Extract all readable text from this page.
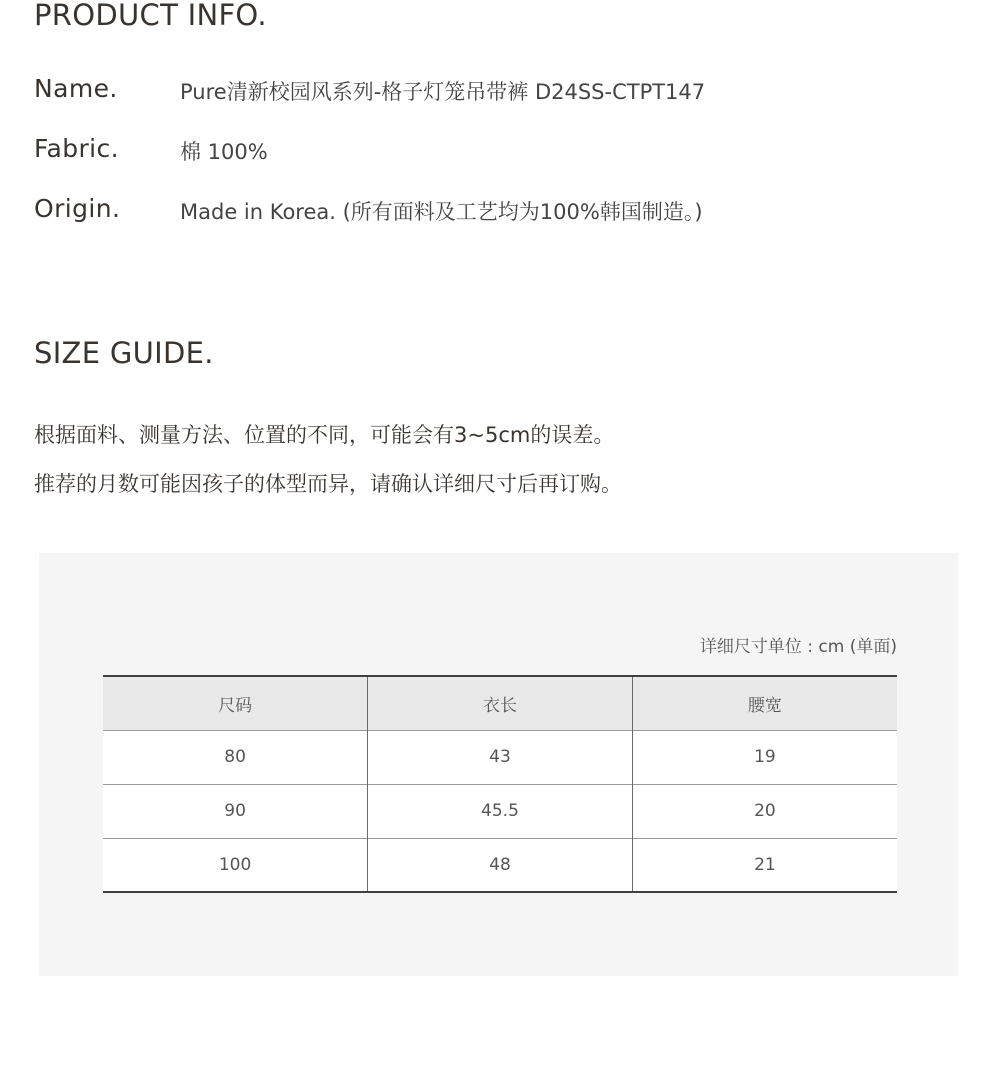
PRODUCT INFO.
Name.	Pure清新校园风系列-格子灯笼吊带裤 D24SS-CTPT147
Fabric.	棉 100%
Origin.	Made in Korea. (所有面料及工艺均为100%韩国制造。)
SIZE GUIDE.

根据面料、测量方法、位置的不同，可能会有3~5cm的误差。

推荐的月数可能因孩子的体型而异，请确认详细尺寸后再订购。

详细尺寸单位 : cm (单面)
尺码	衣长	腰宽
80	43	19
90	45.5	20
100	48	21
